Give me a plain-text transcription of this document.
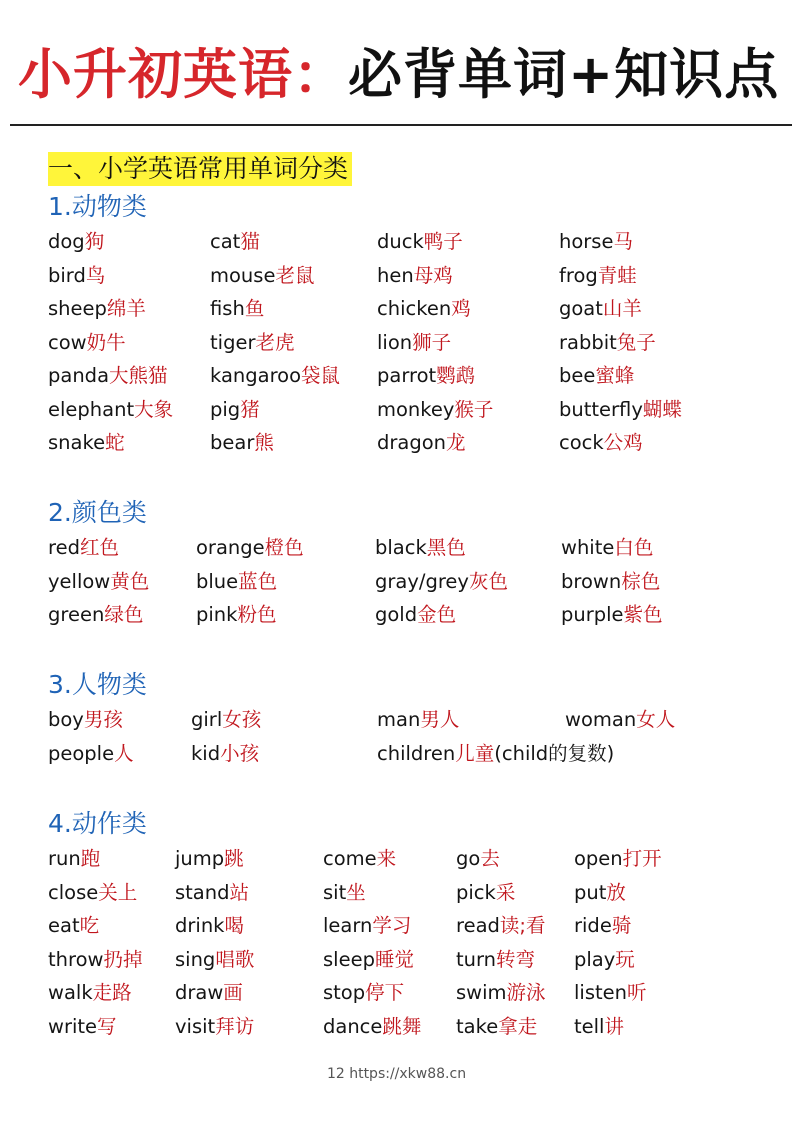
小升初英语：必背单词+知识点
一、小学英语常用单词分类
1.动物类
dog狗	cat猫	duck鸭子	horse马
bird鸟	mouse老鼠	hen母鸡	frog青蛙
sheep绵羊	fish鱼	chicken鸡	goat山羊
cow奶牛	tiger老虎	lion狮子	rabbit兔子
panda大熊猫 kangaroo袋鼠 parrot鹦鹉	bee蜜蜂
elephant大象 pig猪	monkey猴子	butterfly蝴蝶
snake蛇	bear熊	dragon龙	cock公鸡
2.颜色类
red红色	orange橙色	black黑色	white白色
yellow黄色 blue蓝色	gray/grey灰色	brown棕色
green绿色	pink粉色	gold金色	purple紫色
3.人物类
boy男孩	girl女孩	man男人	woman女人
people人	kid小孩	children儿童(child的复数)
4.动作类
run跑	jump跳	come来	go去	open打开
close关上 stand站	sit坐	pick采	put放
eat吃	drink喝	learn学习 read读;看 ride骑
throw扔掉 sing唱歌	sleep睡觉 turn转弯 play玩
walk走路 draw画	stop停下	swim游泳 listen听
write写	visit拜访	dance跳舞 take拿走 tell讲
12 https://xkw88.cn
